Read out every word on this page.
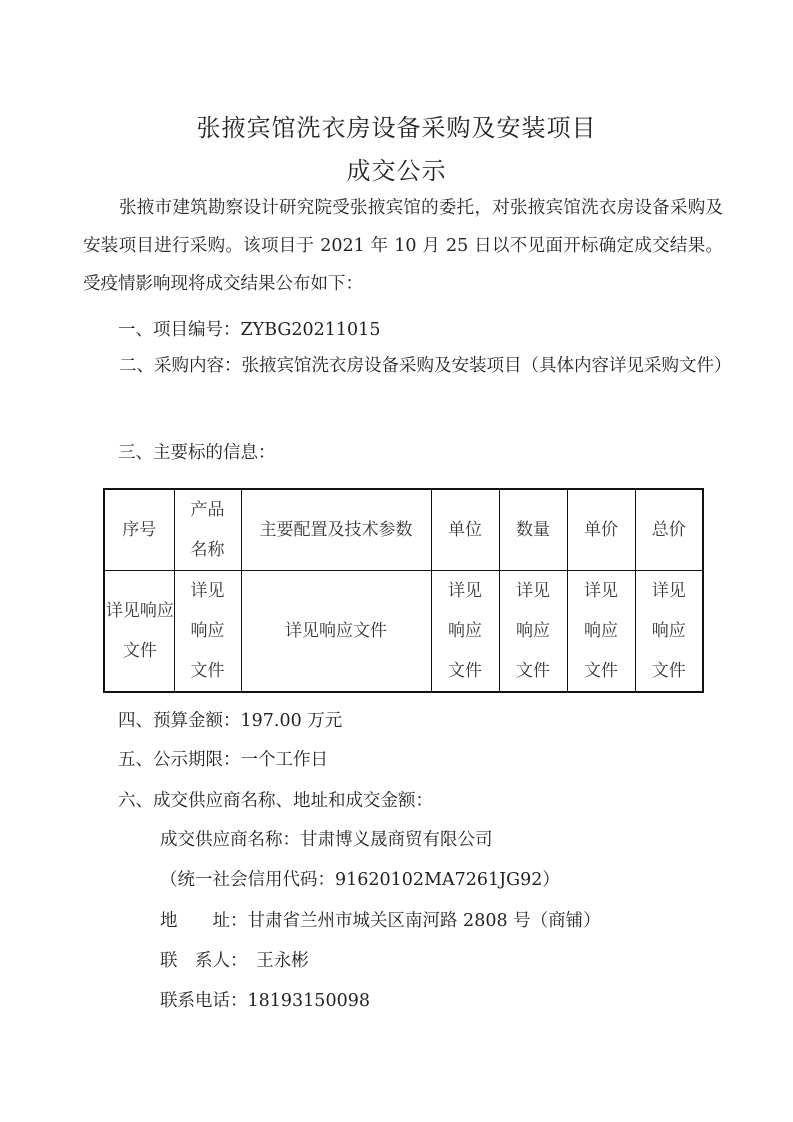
张掖宾馆洗衣房设备采购及安装项目
成交公示

张掖市建筑勘察设计研究院受张掖宾馆的委托，对张掖宾馆洗衣房设备采购及安装项目进行采购。该项目于 2021 年 10 月 25 日以不见面开标确定成交结果。受疫情影响现将成交结果公布如下：

一、项目编号：ZYBG20211015

二、采购内容：张掖宾馆洗衣房设备采购及安装项目（具体内容详见采购文件）

三、主要标的信息：
序号	产品名称	主要配置及技术参数	单位	数量	单价	总价
详见响应文件	详见响应文件	详见响应文件	详见响应文件	详见响应文件	详见响应文件	详见响应文件
四、预算金额：197.00 万元
五、公示期限：一个工作日
六、成交供应商名称、地址和成交金额：
成交供应商名称：甘肃博义晟商贸有限公司
（统一社会信用代码：91620102MA7261JG92）
地　　址：甘肃省兰州市城关区南河路 2808 号（商铺）
联　系人：　王永彬
联系电话：18193150098
